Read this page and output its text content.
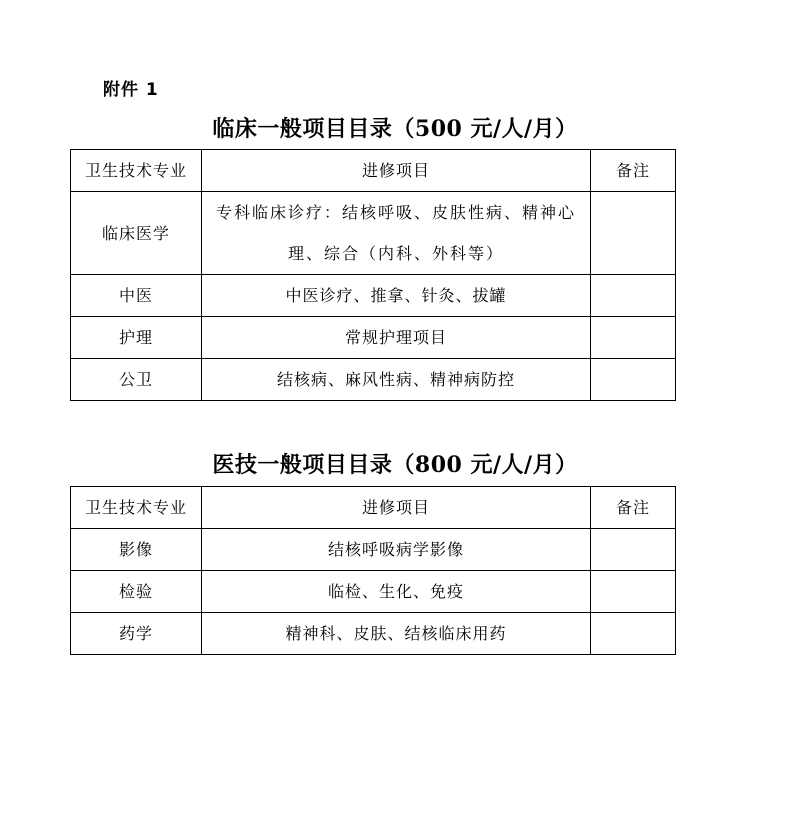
附件 1
临床一般项目目录（500 元/人/月）
卫生技术专业	进修项目	备注
临床医学	专科临床诊疗：结核呼吸、皮肤性病、精神心理、综合（内科、外科等）	
中医	中医诊疗、推拿、针灸、拔罐	
护理	常规护理项目	
公卫	结核病、麻风性病、精神病防控	
医技一般项目目录（800 元/人/月）
卫生技术专业	进修项目	备注
影像	结核呼吸病学影像	
检验	临检、生化、免疫	
药学	精神科、皮肤、结核临床用药	
